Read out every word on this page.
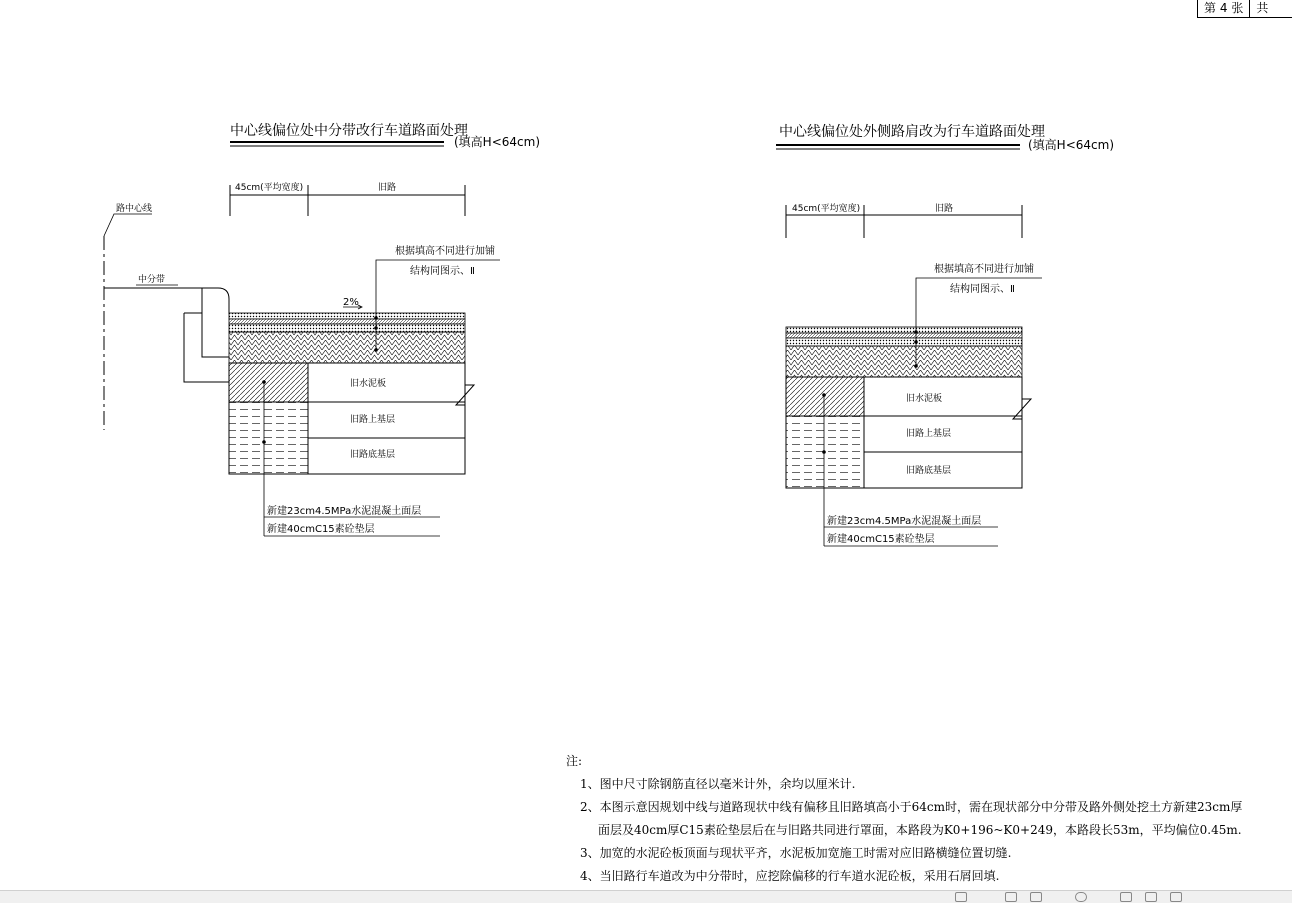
第 4 张	共
中心线偏位处中分带改行车道路面处理
(填高H<64cm)
45cm(平均宽度)	旧路
路中心线
中分带
2%
旧水泥板
旧路上基层
旧路底基层
根据填高不同进行加铺
结构同图示、Ⅱ
新建23cm4.5MPa水泥混凝土面层
新建40cmC15素砼垫层
中心线偏位处外侧路肩改为行车道路面处理
(填高H<64cm)
45cm(平均宽度)	旧路
旧水泥板
旧路上基层
旧路底基层
根据填高不同进行加铺
结构同图示、Ⅱ
新建23cm4.5MPa水泥混凝土面层
新建40cmC15素砼垫层
注:
1、图中尺寸除钢筋直径以毫米计外，余均以厘米计.
2、本图示意因规划中线与道路现状中线有偏移且旧路填高小于64cm时，需在现状部分中分带及路外侧处挖土方新建23cm厚
面层及40cm厚C15素砼垫层后在与旧路共同进行罩面，本路段为K0+196~K0+249，本路段长53m，平均偏位0.45m.
3、加宽的水泥砼板顶面与现状平齐，水泥板加宽施工时需对应旧路横缝位置切缝.
4、当旧路行车道改为中分带时，应挖除偏移的行车道水泥砼板，采用石屑回填.
